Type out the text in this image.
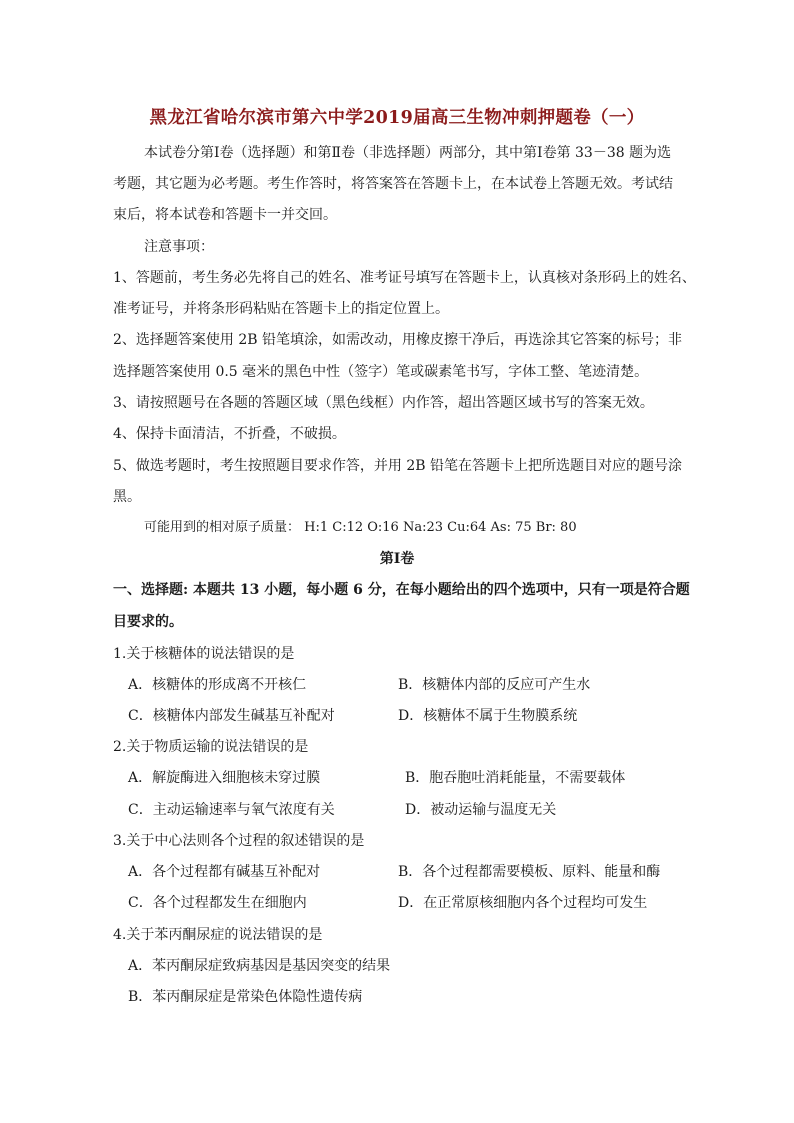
黑龙江省哈尔滨市第六中学2019届高三生物冲刺押题卷（一）
本试卷分第Ⅰ卷（选择题）和第Ⅱ卷（非选择题）两部分，其中第Ⅰ卷第 33－38 题为选
考题，其它题为必考题。考生作答时，将答案答在答题卡上，在本试卷上答题无效。考试结
束后，将本试卷和答题卡一并交回。
注意事项：
1、答题前，考生务必先将自己的姓名、准考证号填写在答题卡上，认真核对条形码上的姓名、
准考证号，并将条形码粘贴在答题卡上的指定位置上。
2、选择题答案使用 2B 铅笔填涂，如需改动，用橡皮擦干净后，再选涂其它答案的标号；非
选择题答案使用 0.5 毫米的黑色中性（签字）笔或碳素笔书写，字体工整、笔迹清楚。
3、请按照题号在各题的答题区域（黑色线框）内作答，超出答题区域书写的答案无效。
4、保持卡面清洁，不折叠，不破损。
5、做选考题时，考生按照题目要求作答，并用 2B 铅笔在答题卡上把所选题目对应的题号涂
黑。
可能用到的相对原子质量： H:1 C:12 O:16 Na:23 Cu:64 As: 75 Br: 80
第Ⅰ卷
一、选择题: 本题共 13 小题，每小题 6 分，在每小题给出的四个选项中，只有一项是符合题
目要求的。
1.关于核糖体的说法错误的是
A．核糖体的形成离不开核仁	B．核糖体内部的反应可产生水
C．核糖体内部发生碱基互补配对	D．核糖体不属于生物膜系统
2.关于物质运输的说法错误的是
A．解旋酶进入细胞核未穿过膜	B．胞吞胞吐消耗能量，不需要载体
C．主动运输速率与氧气浓度有关	D．被动运输与温度无关
3.关于中心法则各个过程的叙述错误的是
A．各个过程都有碱基互补配对	B．各个过程都需要模板、原料、能量和酶
C．各个过程都发生在细胞内	D．在正常原核细胞内各个过程均可发生
4.关于苯丙酮尿症的说法错误的是
A．苯丙酮尿症致病基因是基因突变的结果
B．苯丙酮尿症是常染色体隐性遗传病
